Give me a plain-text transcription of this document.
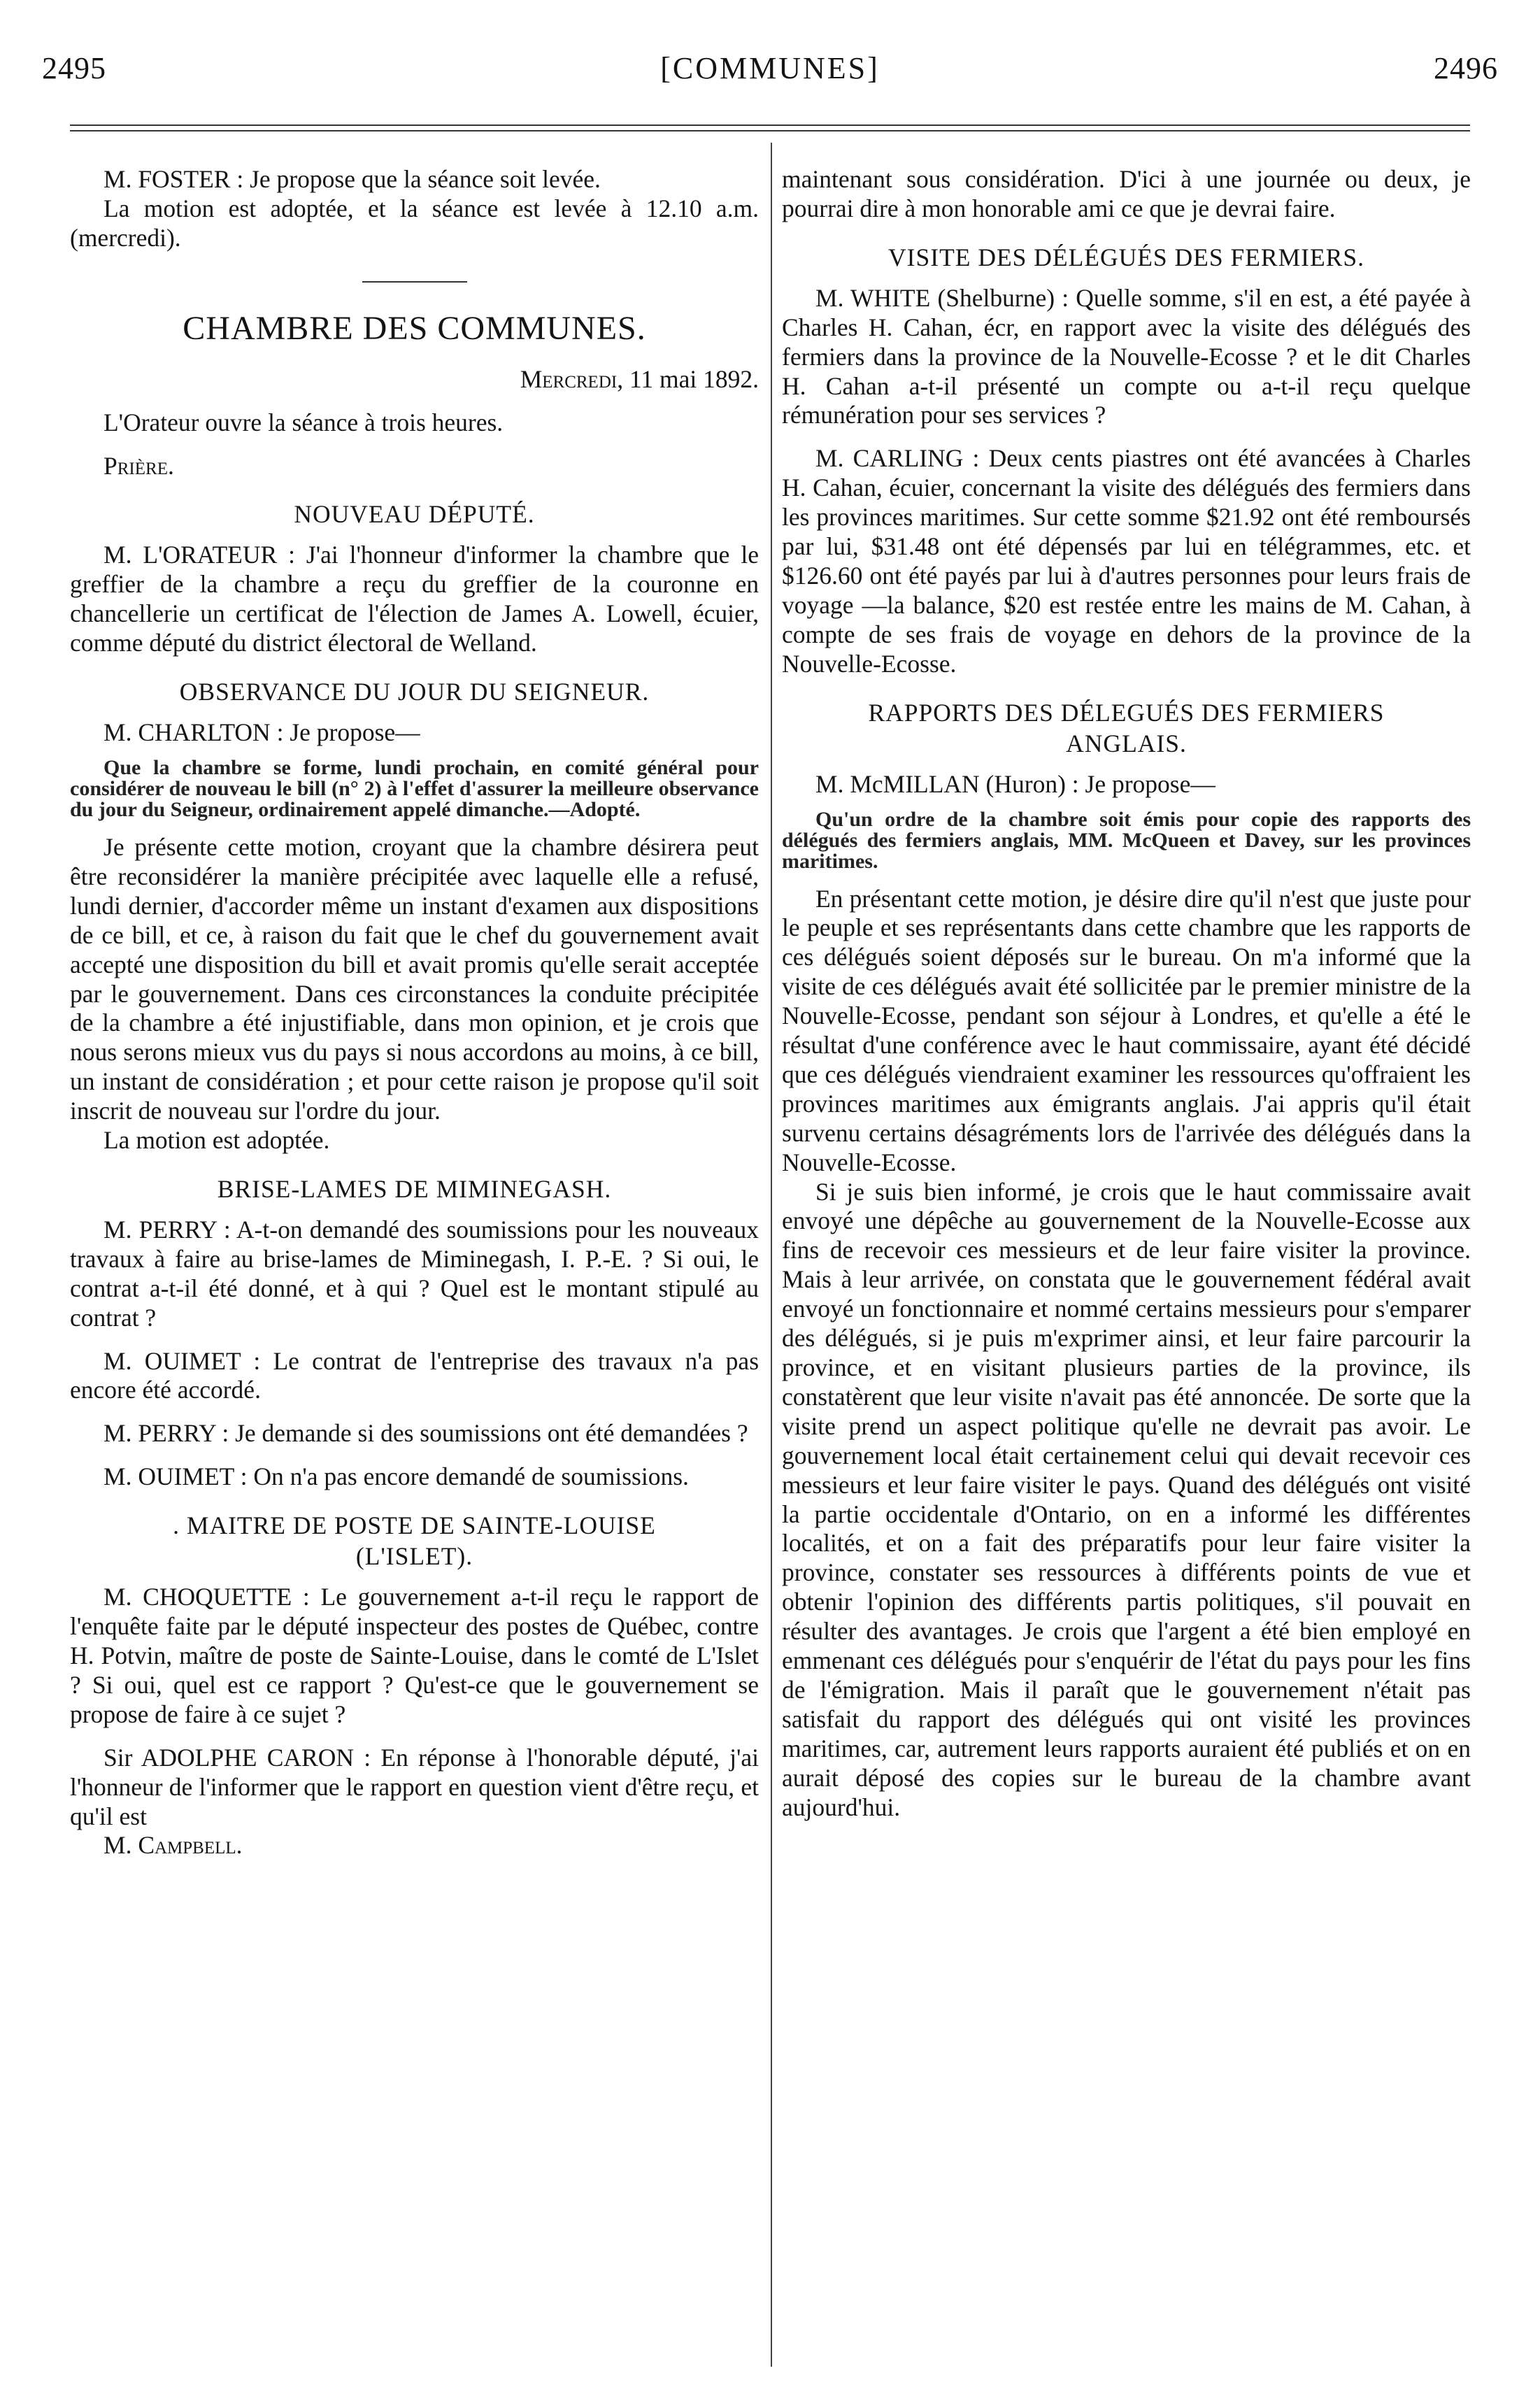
2495	[COMMUNES]	2496

M. FOSTER : Je propose que la séance soit levée.

La motion est adoptée, et la séance est levée à 12.10 a.m. (mercredi).

CHAMBRE DES COMMUNES.

Mercredi, 11 mai 1892.

L'Orateur ouvre la séance à trois heures.

Prière.

NOUVEAU DÉPUTÉ.

M. L'ORATEUR : J'ai l'honneur d'informer la chambre que le greffier de la chambre a reçu du greffier de la couronne en chancellerie un certificat de l'élection de James A. Lowell, écuier, comme député du district électoral de Welland.

OBSERVANCE DU JOUR DU SEIGNEUR.

M. CHARLTON : Je propose—

Que la chambre se forme, lundi prochain, en comité général pour considérer de nouveau le bill (n° 2) à l'effet d'assurer la meilleure observance du jour du Seigneur, ordinairement appelé dimanche.—Adopté.

Je présente cette motion, croyant que la chambre désirera peut être reconsidérer la manière précipitée avec laquelle elle a refusé, lundi dernier, d'accorder même un instant d'examen aux dispositions de ce bill, et ce, à raison du fait que le chef du gouvernement avait accepté une disposition du bill et avait promis qu'elle serait acceptée par le gouvernement. Dans ces circonstances la conduite précipitée de la chambre a été injustifiable, dans mon opinion, et je crois que nous serons mieux vus du pays si nous accordons au moins, à ce bill, un instant de considération ; et pour cette raison je propose qu'il soit inscrit de nouveau sur l'ordre du jour.

La motion est adoptée.

BRISE-LAMES DE MIMINEGASH.

M. PERRY : A-t-on demandé des soumissions pour les nouveaux travaux à faire au brise-lames de Miminegash, I. P.-E. ? Si oui, le contrat a-t-il été donné, et à qui ? Quel est le montant stipulé au contrat ?

M. OUIMET : Le contrat de l'entreprise des travaux n'a pas encore été accordé.

M. PERRY : Je demande si des soumissions ont été demandées ?

M. OUIMET : On n'a pas encore demandé de soumissions.

. MAITRE DE POSTE DE SAINTE-LOUISE
(L'ISLET).

M. CHOQUETTE : Le gouvernement a-t-il reçu le rapport de l'enquête faite par le député inspecteur des postes de Québec, contre H. Potvin, maître de poste de Sainte-Louise, dans le comté de L'Islet ? Si oui, quel est ce rapport ? Qu'est-ce que le gouvernement se propose de faire à ce sujet ?

Sir ADOLPHE CARON : En réponse à l'honorable député, j'ai l'honneur de l'informer que le rapport en question vient d'être reçu, et qu'il est

M. Campbell.

maintenant sous considération. D'ici à une journée ou deux, je pourrai dire à mon honorable ami ce que je devrai faire.

VISITE DES DÉLÉGUÉS DES FERMIERS.

M. WHITE (Shelburne) : Quelle somme, s'il en est, a été payée à Charles H. Cahan, écr, en rapport avec la visite des délégués des fermiers dans la province de la Nouvelle-Ecosse ? et le dit Charles H. Cahan a-t-il présenté un compte ou a-t-il reçu quelque rémunération pour ses services ?

M. CARLING : Deux cents piastres ont été avancées à Charles H. Cahan, écuier, concernant la visite des délégués des fermiers dans les provinces maritimes. Sur cette somme $21.92 ont été remboursés par lui, $31.48 ont été dépensés par lui en télégrammes, etc. et $126.60 ont été payés par lui à d'autres personnes pour leurs frais de voyage —la balance, $20 est restée entre les mains de M. Cahan, à compte de ses frais de voyage en dehors de la province de la Nouvelle-Ecosse.

RAPPORTS DES DÉLEGUÉS DES FERMIERS
ANGLAIS.

M. McMILLAN (Huron) : Je propose—

Qu'un ordre de la chambre soit émis pour copie des rapports des délégués des fermiers anglais, MM. McQueen et Davey, sur les provinces maritimes.

En présentant cette motion, je désire dire qu'il n'est que juste pour le peuple et ses représentants dans cette chambre que les rapports de ces délégués soient déposés sur le bureau. On m'a informé que la visite de ces délégués avait été sollicitée par le premier ministre de la Nouvelle-Ecosse, pendant son séjour à Londres, et qu'elle a été le résultat d'une conférence avec le haut commissaire, ayant été décidé que ces délégués viendraient examiner les ressources qu'offraient les provinces maritimes aux émigrants anglais. J'ai appris qu'il était survenu certains désagréments lors de l'arrivée des délégués dans la Nouvelle-Ecosse.

Si je suis bien informé, je crois que le haut commissaire avait envoyé une dépêche au gouvernement de la Nouvelle-Ecosse aux fins de recevoir ces messieurs et de leur faire visiter la province. Mais à leur arrivée, on constata que le gouvernement fédéral avait envoyé un fonctionnaire et nommé certains messieurs pour s'emparer des délégués, si je puis m'exprimer ainsi, et leur faire parcourir la province, et en visitant plusieurs parties de la province, ils constatèrent que leur visite n'avait pas été annoncée. De sorte que la visite prend un aspect politique qu'elle ne devrait pas avoir. Le gouvernement local était certainement celui qui devait recevoir ces messieurs et leur faire visiter le pays. Quand des délégués ont visité la partie occidentale d'Ontario, on en a informé les différentes localités, et on a fait des préparatifs pour leur faire visiter la province, constater ses ressources à différents points de vue et obtenir l'opinion des différents partis politiques, s'il pouvait en résulter des avantages. Je crois que l'argent a été bien employé en emmenant ces délégués pour s'enquérir de l'état du pays pour les fins de l'émigration. Mais il paraît que le gouvernement n'était pas satisfait du rapport des délégués qui ont visité les provinces maritimes, car, autrement leurs rapports auraient été publiés et on en aurait déposé des copies sur le bureau de la chambre avant aujourd'hui.
